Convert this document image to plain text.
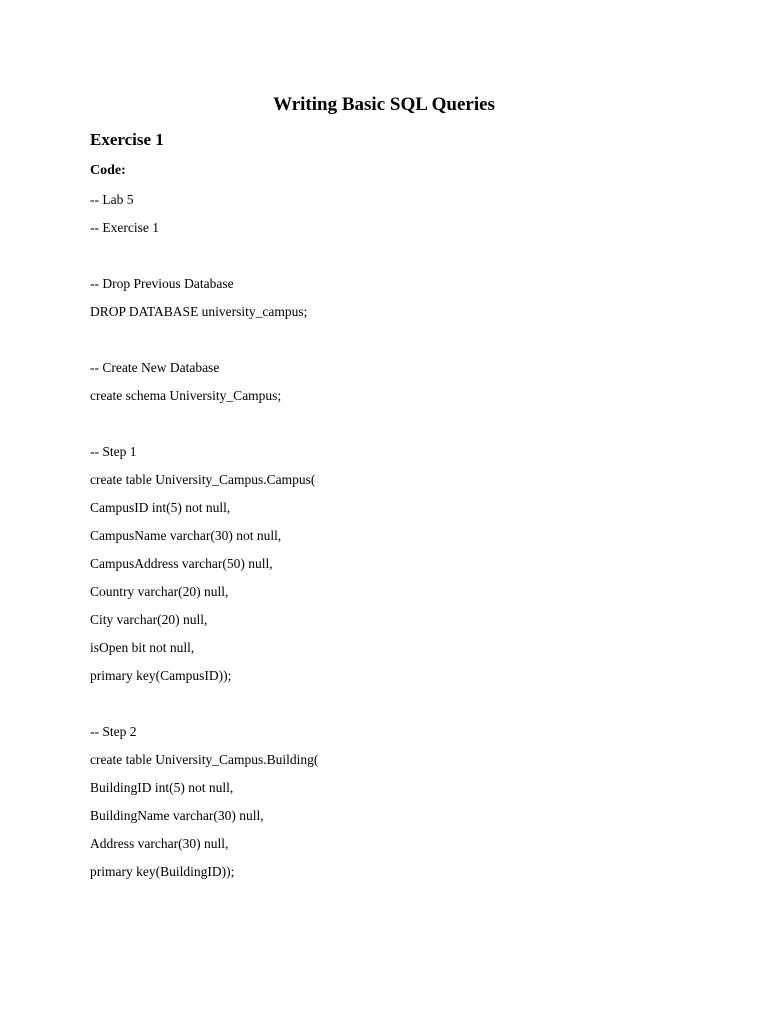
Writing Basic SQL Queries
Exercise 1
Code:
-- Lab 5
-- Exercise 1
-- Drop Previous Database
DROP DATABASE university_campus;
-- Create New Database
create schema University_Campus;
-- Step 1
create table University_Campus.Campus(
CampusID int(5) not null,
CampusName varchar(30) not null,
CampusAddress varchar(50) null,
Country varchar(20) null,
City varchar(20) null,
isOpen bit not null,
primary key(CampusID));
-- Step 2
create table University_Campus.Building(
BuildingID int(5) not null,
BuildingName varchar(30) null,
Address varchar(30) null,
primary key(BuildingID));
